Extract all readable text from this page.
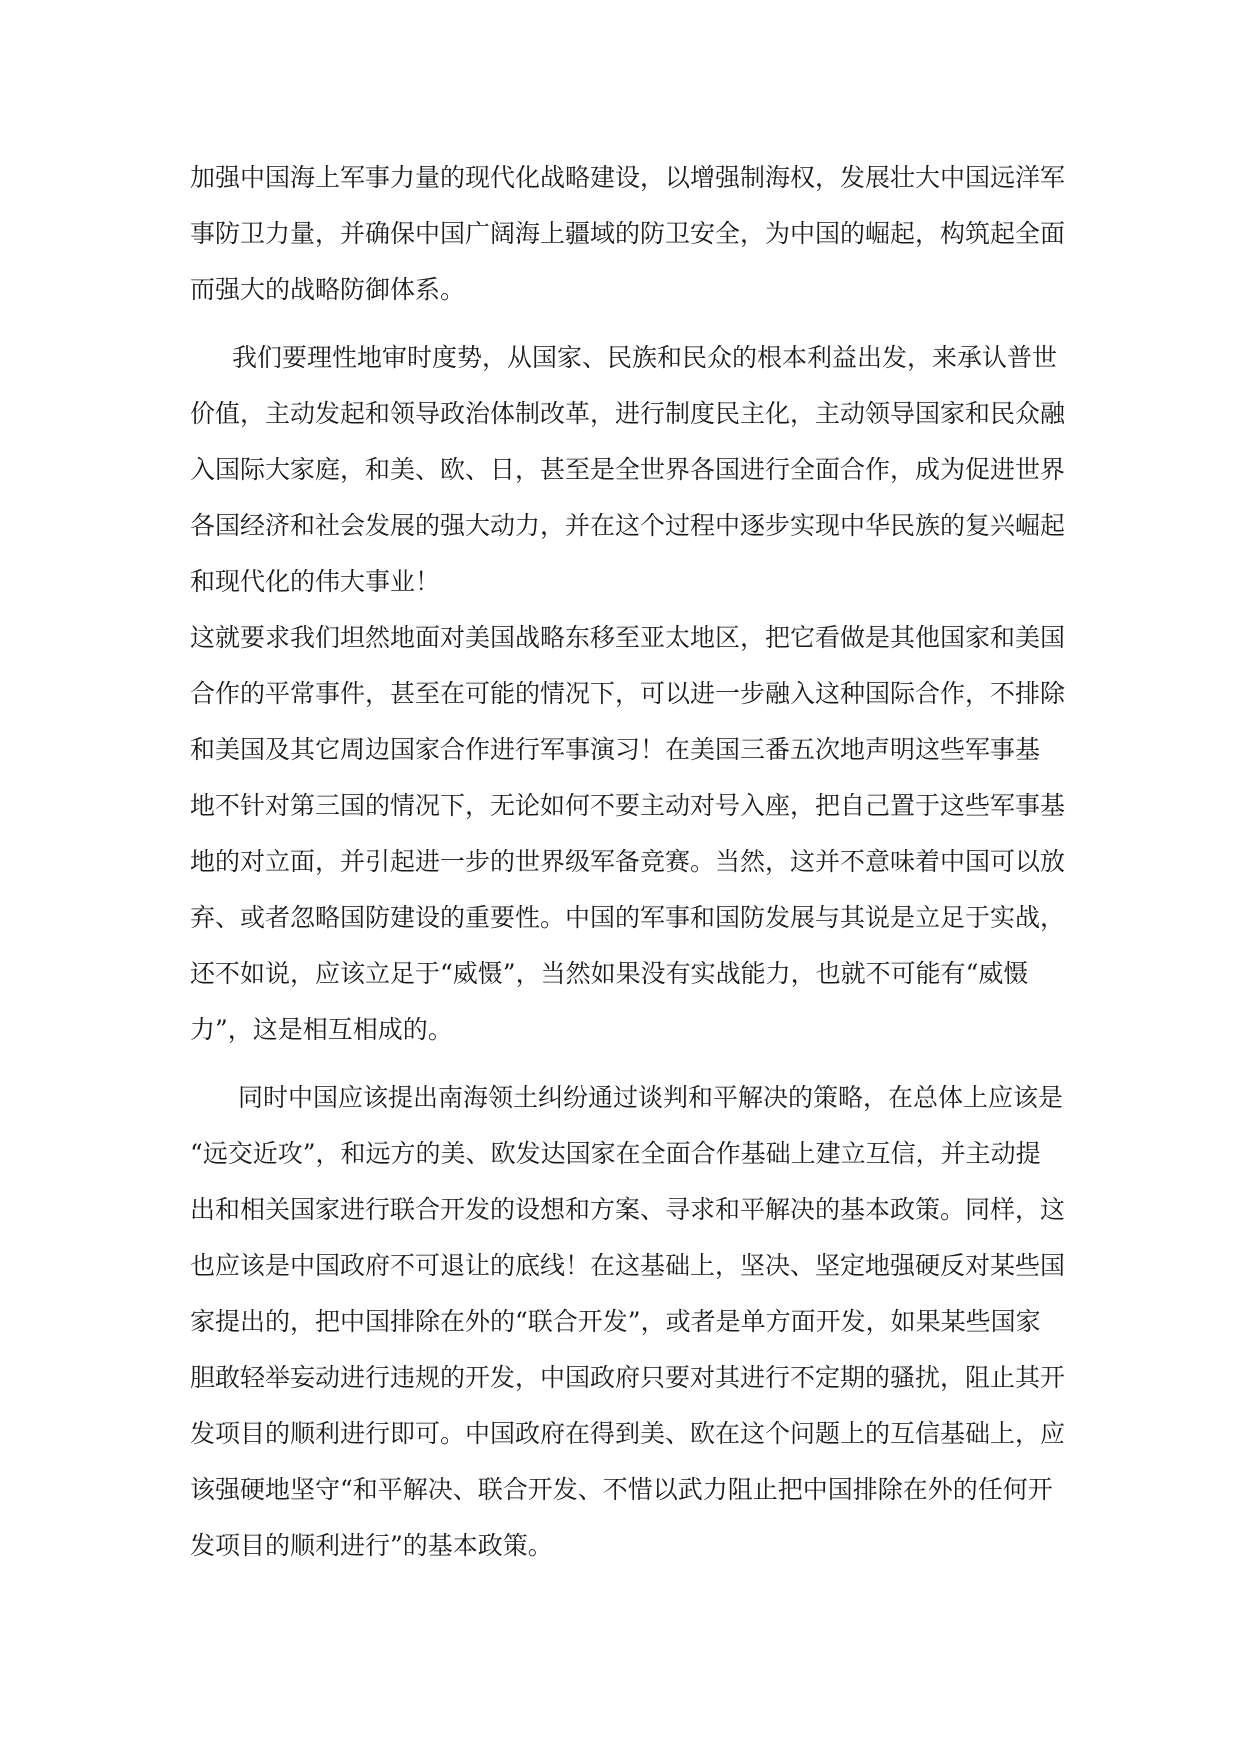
加强中国海上军事力量的现代化战略建设，以增强制海权，发展壮大中国远洋军
事防卫力量，并确保中国广阔海上疆域的防卫安全，为中国的崛起，构筑起全面
而强大的战略防御体系。
我们要理性地审时度势，从国家、民族和民众的根本利益出发，来承认普世
价值，主动发起和领导政治体制改革，进行制度民主化，主动领导国家和民众融
入国际大家庭，和美、欧、日，甚至是全世界各国进行全面合作，成为促进世界
各国经济和社会发展的强大动力，并在这个过程中逐步实现中华民族的复兴崛起
和现代化的伟大事业！
这就要求我们坦然地面对美国战略东移至亚太地区，把它看做是其他国家和美国
合作的平常事件，甚至在可能的情况下，可以进一步融入这种国际合作，不排除
和美国及其它周边国家合作进行军事演习！在美国三番五次地声明这些军事基
地不针对第三国的情况下，无论如何不要主动对号入座，把自己置于这些军事基
地的对立面，并引起进一步的世界级军备竞赛。当然，这并不意味着中国可以放
弃、或者忽略国防建设的重要性。中国的军事和国防发展与其说是立足于实战，
还不如说，应该立足于“威慑”，当然如果没有实战能力，也就不可能有“威慑
力”，这是相互相成的。
同时中国应该提出南海领土纠纷通过谈判和平解决的策略，在总体上应该是
“远交近攻”，和远方的美、欧发达国家在全面合作基础上建立互信，并主动提
出和相关国家进行联合开发的设想和方案、寻求和平解决的基本政策。同样，这
也应该是中国政府不可退让的底线！在这基础上，坚决、坚定地强硬反对某些国
家提出的，把中国排除在外的“联合开发”，或者是单方面开发，如果某些国家
胆敢轻举妄动进行违规的开发，中国政府只要对其进行不定期的骚扰，阻止其开
发项目的顺利进行即可。中国政府在得到美、欧在这个问题上的互信基础上，应
该强硬地坚守“和平解决、联合开发、不惜以武力阻止把中国排除在外的任何开
发项目的顺利进行”的基本政策。
